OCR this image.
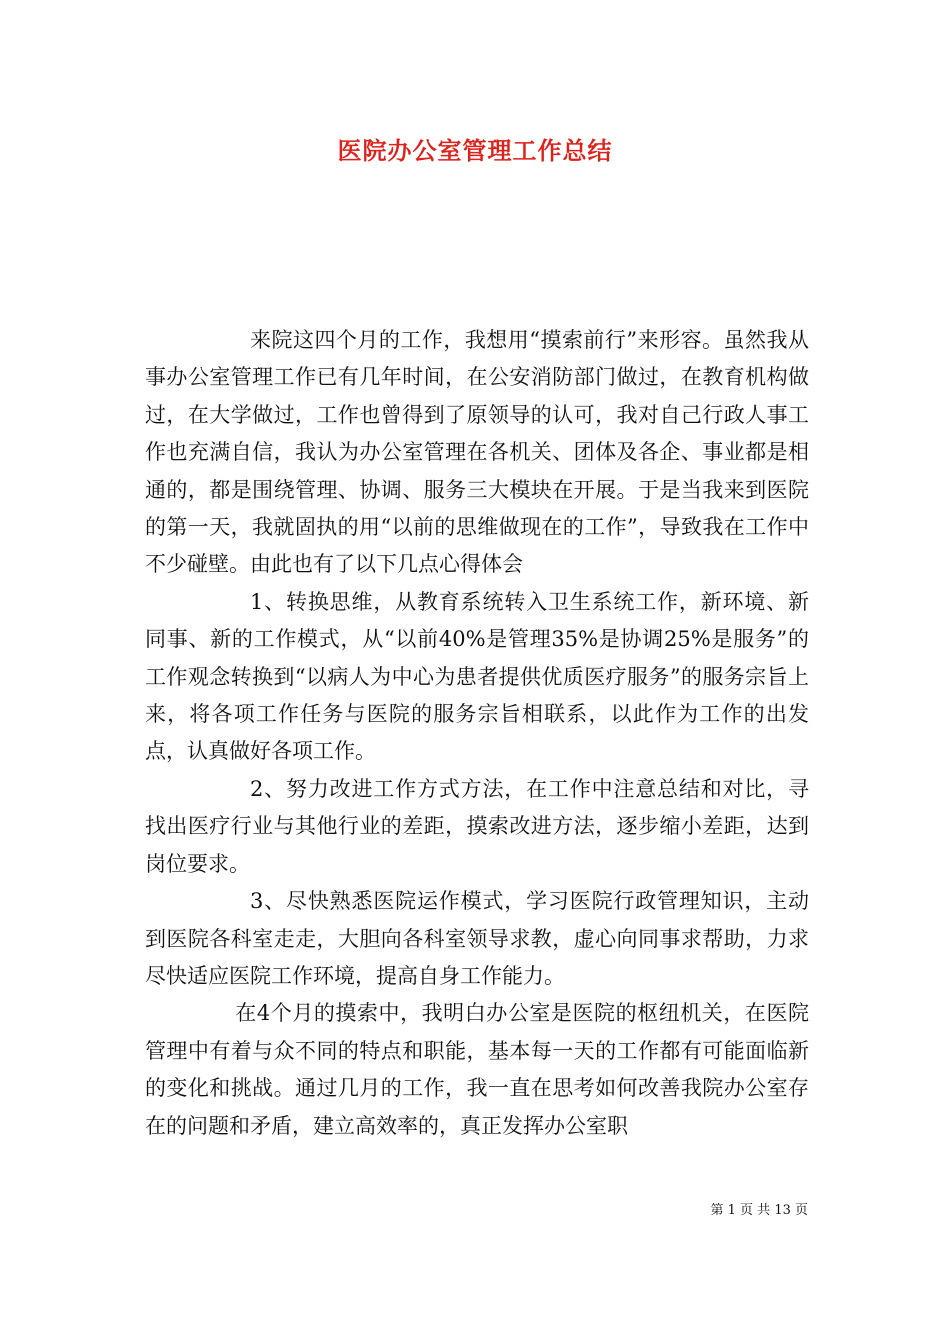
医院办公室管理工作总结

来院这四个月的工作，我想用“摸索前行”来形容。虽然我从事办公室管理工作已有几年时间，在公安消防部门做过，在教育机构做过，在大学做过，工作也曾得到了原领导的认可，我对自己行政人事工作也充满自信，我认为办公室管理在各机关、团体及各企、事业都是相通的，都是围绕管理、协调、服务三大模块在开展。于是当我来到医院的第一天，我就固执的用“以前的思维做现在的工作”，导致我在工作中不少碰壁。由此也有了以下几点心得体会

1、转换思维，从教育系统转入卫生系统工作，新环境、新同事、新的工作模式，从“以前40%是管理35%是协调25%是服务”的工作观念转换到“以病人为中心为患者提供优质医疗服务”的服务宗旨上来，将各项工作任务与医院的服务宗旨相联系，以此作为工作的出发点，认真做好各项工作。

2、努力改进工作方式方法，在工作中注意总结和对比，寻找出医疗行业与其他行业的差距，摸索改进方法，逐步缩小差距，达到岗位要求。

3、尽快熟悉医院运作模式，学习医院行政管理知识，主动到医院各科室走走，大胆向各科室领导求教，虚心向同事求帮助，力求尽快适应医院工作环境，提高自身工作能力。

在4个月的摸索中，我明白办公室是医院的枢纽机关，在医院管理中有着与众不同的特点和职能，基本每一天的工作都有可能面临新的变化和挑战。通过几月的工作，我一直在思考如何改善我院办公室存在的问题和矛盾，建立高效率的，真正发挥办公室职

第 1 页 共 13 页
